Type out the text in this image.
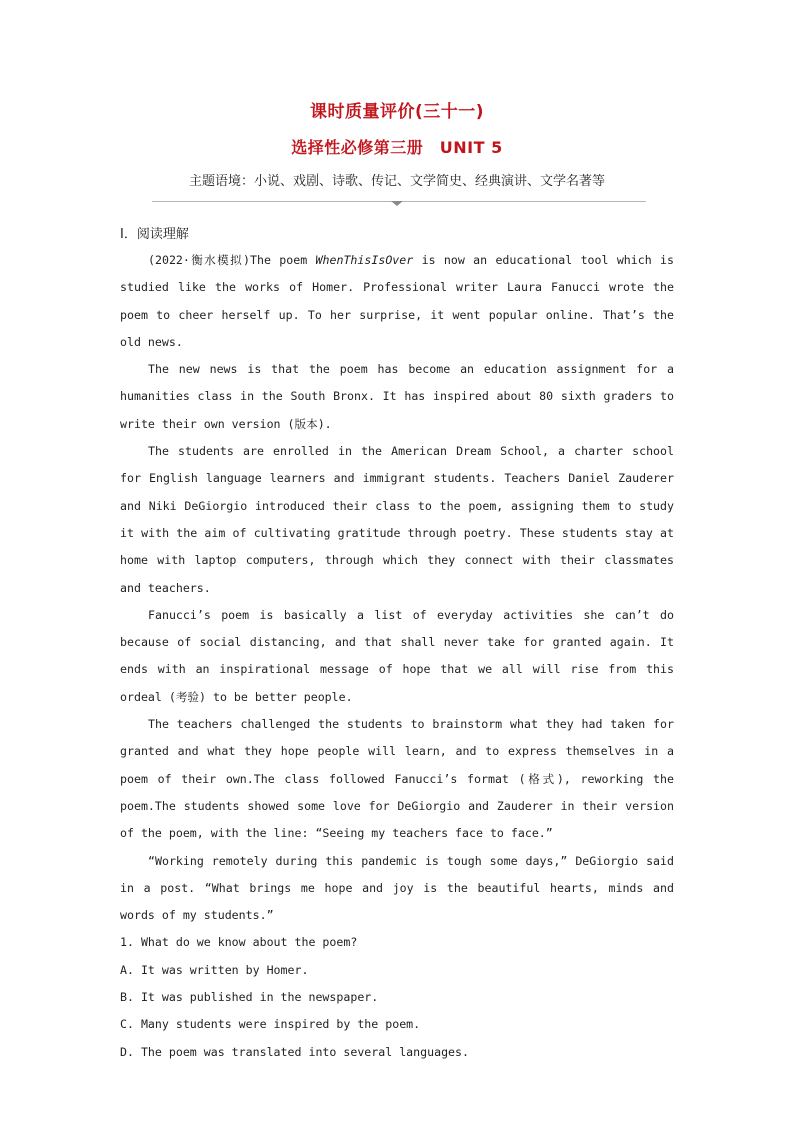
课时质量评价(三十一)
选择性必修第三册　UNIT 5
主题语境：小说、戏剧、诗歌、传记、文学简史、经典演讲、文学名著等
Ⅰ．阅读理解

(2022·衡水模拟)The poem WhenThisIsOver is now an educational tool which is studied like the works of Homer. Professional writer Laura Fanucci wrote the poem to cheer herself up. To her surprise, it went popular online. That’s the old news.

The new news is that the poem has become an education assignment for a humanities class in the South Bronx. It has inspired about 80 sixth graders to write their own version (版本).

The students are enrolled in the American Dream School, a charter school for English language learners and immigrant students. Teachers Daniel Zauderer and Niki DeGiorgio introduced their class to the poem, assigning them to study it with the aim of cultivating gratitude through poetry. These students stay at home with laptop computers, through which they connect with their classmates and teachers.

Fanucci’s poem is basically a list of everyday activities she can’t do because of social distancing, and that shall never take for granted again. It ends with an inspirational message of hope that we all will rise from this ordeal (考验) to be better people.

The teachers challenged the students to brainstorm what they had taken for granted and what they hope people will learn, and to express themselves in a poem of their own.The class followed Fanucci’s format (格式), reworking the poem.The students showed some love for DeGiorgio and Zauderer in their version of the poem, with the line: “Seeing my teachers face to face.”

“Working remotely during this pandemic is tough some days,” DeGiorgio said in a post. “What brings me hope and joy is the beautiful hearts, minds and words of my students.”

1. What do we know about the poem?

A. It was written by Homer.

B. It was published in the newspaper.

C. Many students were inspired by the poem.

D. The poem was translated into several languages.
